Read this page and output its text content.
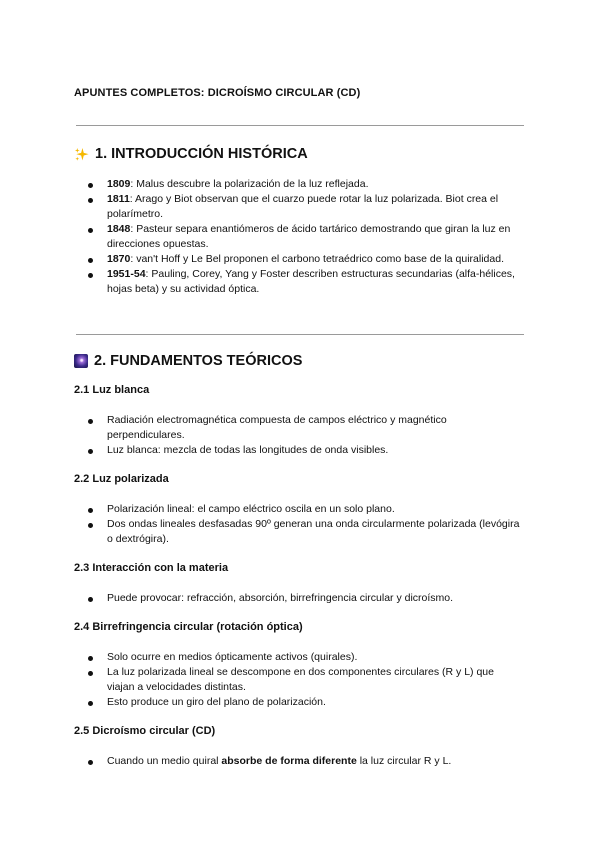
APUNTES COMPLETOS: DICROÍSMO CIRCULAR (CD)
1. INTRODUCCIÓN HISTÓRICA
1809: Malus descubre la polarización de la luz reflejada.
1811: Arago y Biot observan que el cuarzo puede rotar la luz polarizada. Biot crea el polarímetro.
1848: Pasteur separa enantiómeros de ácido tartárico demostrando que giran la luz en direcciones opuestas.
1870: van't Hoff y Le Bel proponen el carbono tetraédrico como base de la quiralidad.
1951-54: Pauling, Corey, Yang y Foster describen estructuras secundarias (alfa-hélices, hojas beta) y su actividad óptica.
2. FUNDAMENTOS TEÓRICOS
2.1 Luz blanca
Radiación electromagnética compuesta de campos eléctrico y magnético perpendiculares.
Luz blanca: mezcla de todas las longitudes de onda visibles.
2.2 Luz polarizada
Polarización lineal: el campo eléctrico oscila en un solo plano.
Dos ondas lineales desfasadas 90º generan una onda circularmente polarizada (levógira o dextrógira).
2.3 Interacción con la materia
Puede provocar: refracción, absorción, birrefringencia circular y dicroísmo.
2.4 Birrefringencia circular (rotación óptica)
Solo ocurre en medios ópticamente activos (quirales).
La luz polarizada lineal se descompone en dos componentes circulares (R y L) que viajan a velocidades distintas.
Esto produce un giro del plano de polarización.
2.5 Dicroísmo circular (CD)
Cuando un medio quiral absorbe de forma diferente la luz circular R y L.
